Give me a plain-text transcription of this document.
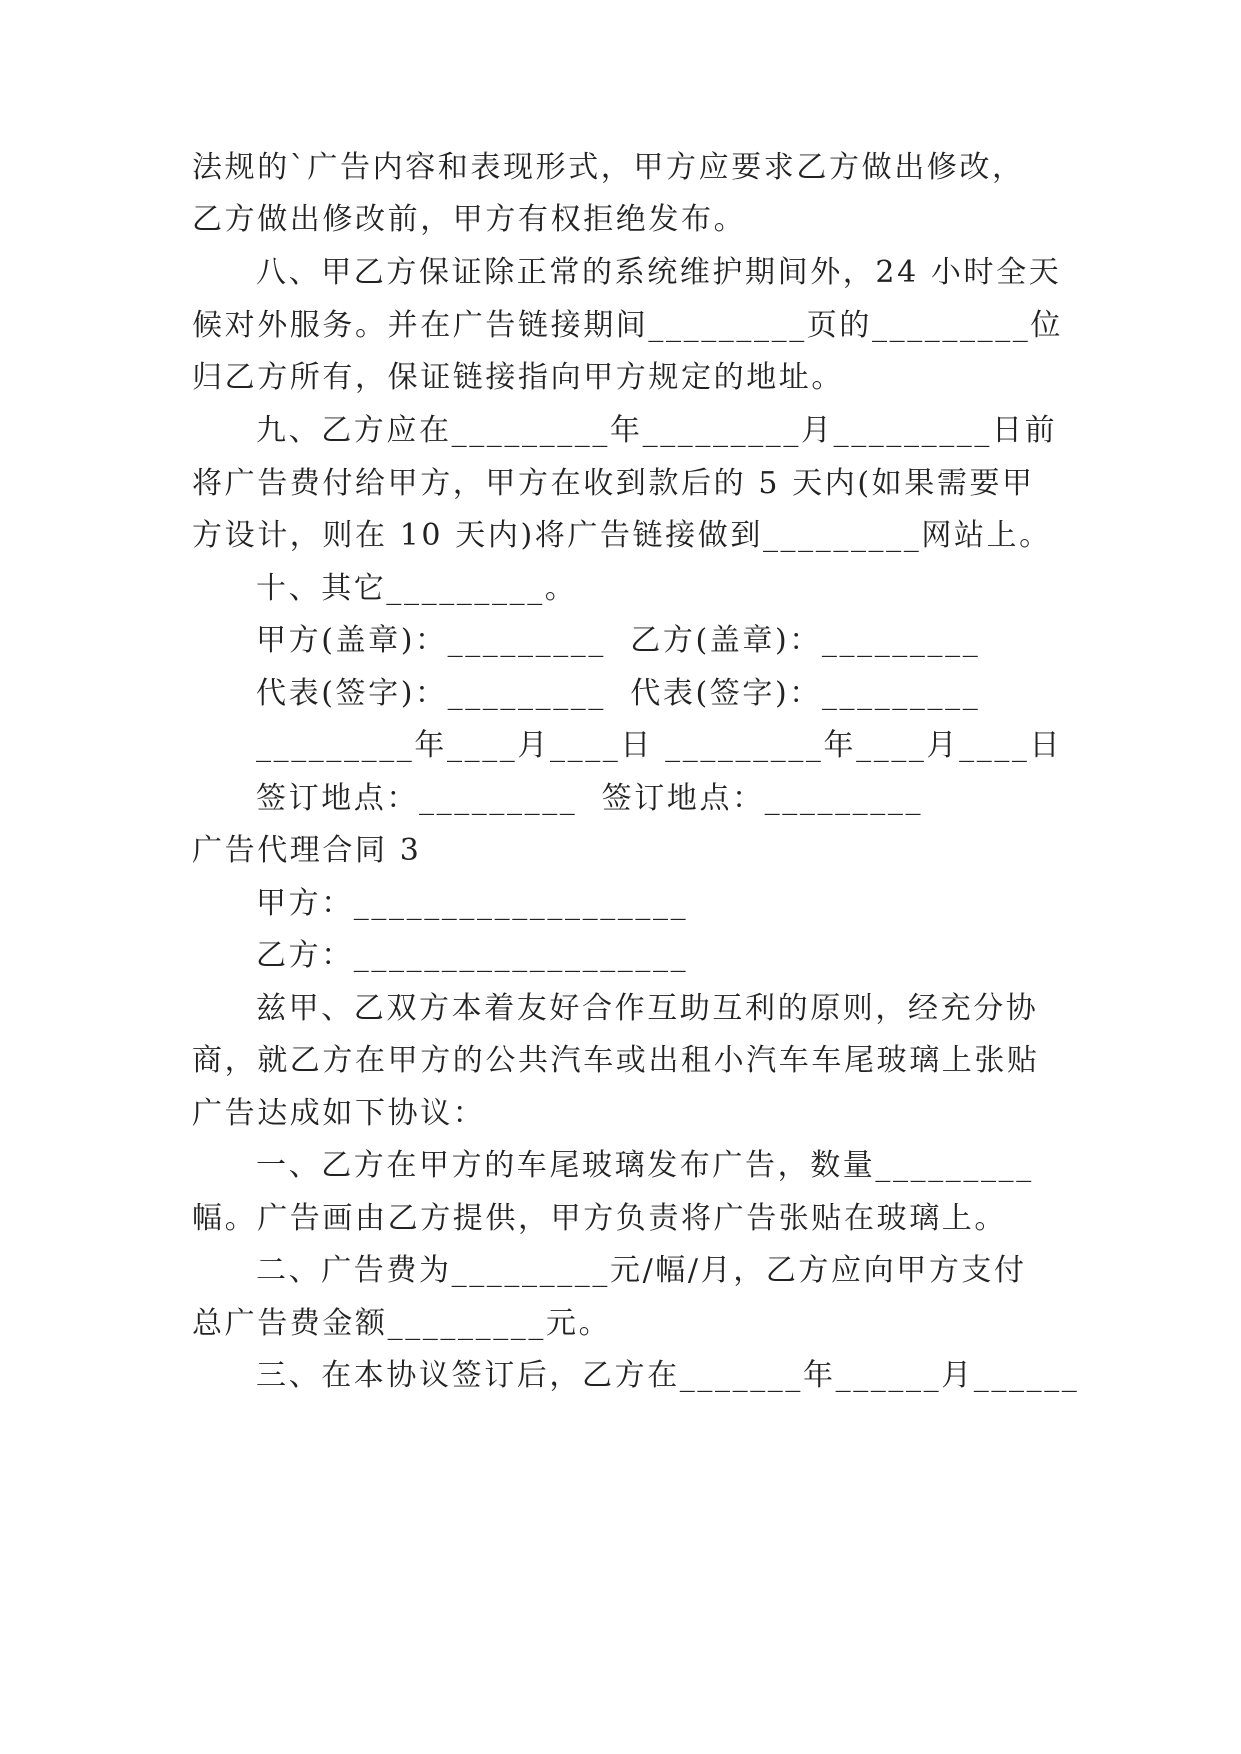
法规的`广告内容和表现形式，甲方应要求乙方做出修改，
乙方做出修改前，甲方有权拒绝发布。
八、甲乙方保证除正常的系统维护期间外，24 小时全天
候对外服务。并在广告链接期间_________页的_________位
归乙方所有，保证链接指向甲方规定的地址。
九、乙方应在_________年_________月_________日前
将广告费付给甲方，甲方在收到款后的 5 天内(如果需要甲
方设计，则在 10 天内)将广告链接做到_________网站上。
十、其它_________。
甲方(盖章)：_________  乙方(盖章)：_________
代表(签字)：_________  代表(签字)：_________
_________年____月____日 _________年____月____日
签订地点：_________  签订地点：_________
广告代理合同 3
甲方：___________________
乙方：___________________
兹甲、乙双方本着友好合作互助互利的原则，经充分协
商，就乙方在甲方的公共汽车或出租小汽车车尾玻璃上张贴
广告达成如下协议：
一、乙方在甲方的车尾玻璃发布广告，数量_________
幅。广告画由乙方提供，甲方负责将广告张贴在玻璃上。
二、广告费为_________元/幅/月，乙方应向甲方支付
总广告费金额_________元。
三、在本协议签订后，乙方在_______年______月______
